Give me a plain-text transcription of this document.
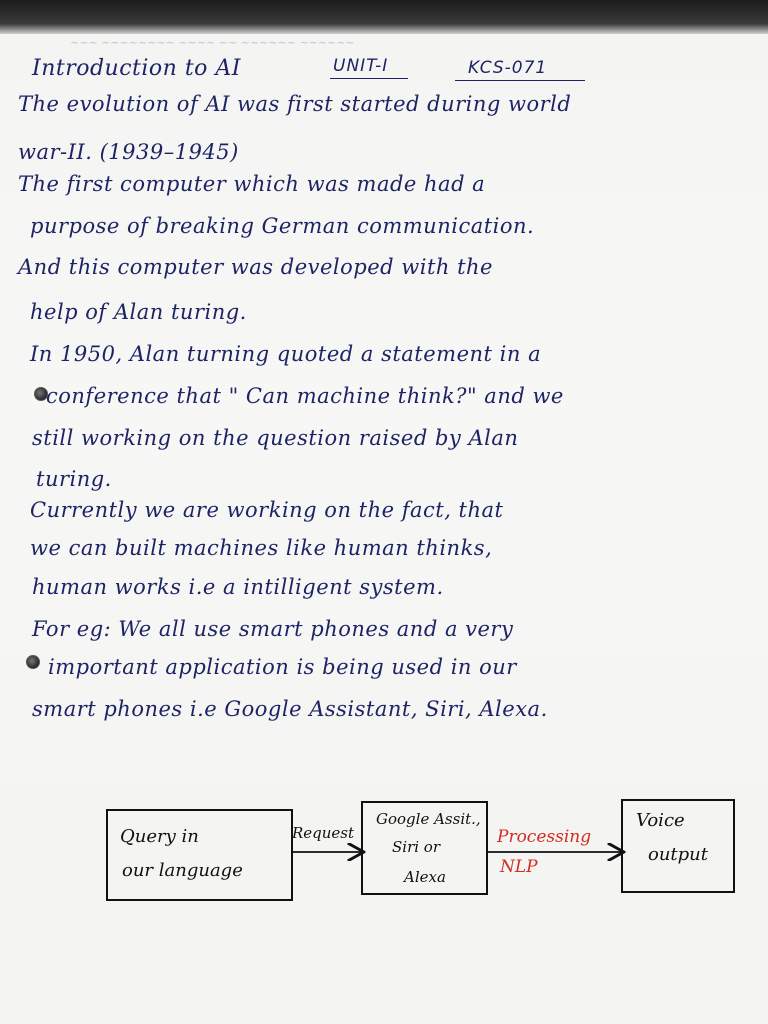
~~~ ~~~~~~~~ ~~~~ ~~ ~~~~~~ ~~~~~~
Introduction to AI	UNIT-I	KCS-071
The evolution of AI was first started during world
war-II. (1939–1945)
The first computer which was made had a
purpose of breaking German communication.
And this computer was developed with the
help of Alan turing.
In 1950, Alan turning quoted a statement in a
conference that " Can machine think?" and we
still working on the question raised by Alan
turing.
Currently we are working on the fact, that
we can built machines like human thinks,
human works i.e a intilligent system.
For eg: We all use smart phones and a very
important application is being used in our
smart phones i.e Google Assistant, Siri, Alexa.
Query in
our language
Request
Google Assit.,
Siri or
Alexa
Processing
NLP
Voice
output
